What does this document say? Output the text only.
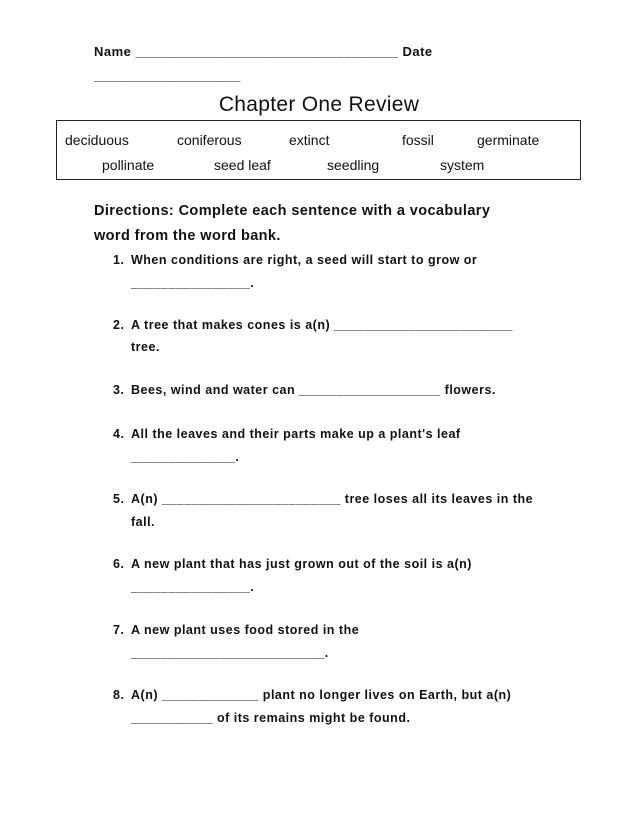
Name __________________________________ Date
___________________
Chapter One Review
deciduous	coniferous	extinct	fossil	germinate
pollinate	seed leaf	seedling	system
Directions: Complete each sentence with a vocabulary
word from the word bank.
1. When conditions are right, a seed will start to grow or
________________.
2. A tree that makes cones is a(n) ________________________
tree.
3. Bees, wind and water can ___________________ flowers.
4. All the leaves and their parts make up a plant's leaf
______________.
5. A(n) ________________________ tree loses all its leaves in the
fall.
6. A new plant that has just grown out of the soil is a(n)
________________.
7. A new plant uses food stored in the
__________________________.
8. A(n) _____________ plant no longer lives on Earth, but a(n)
___________ of its remains might be found.
